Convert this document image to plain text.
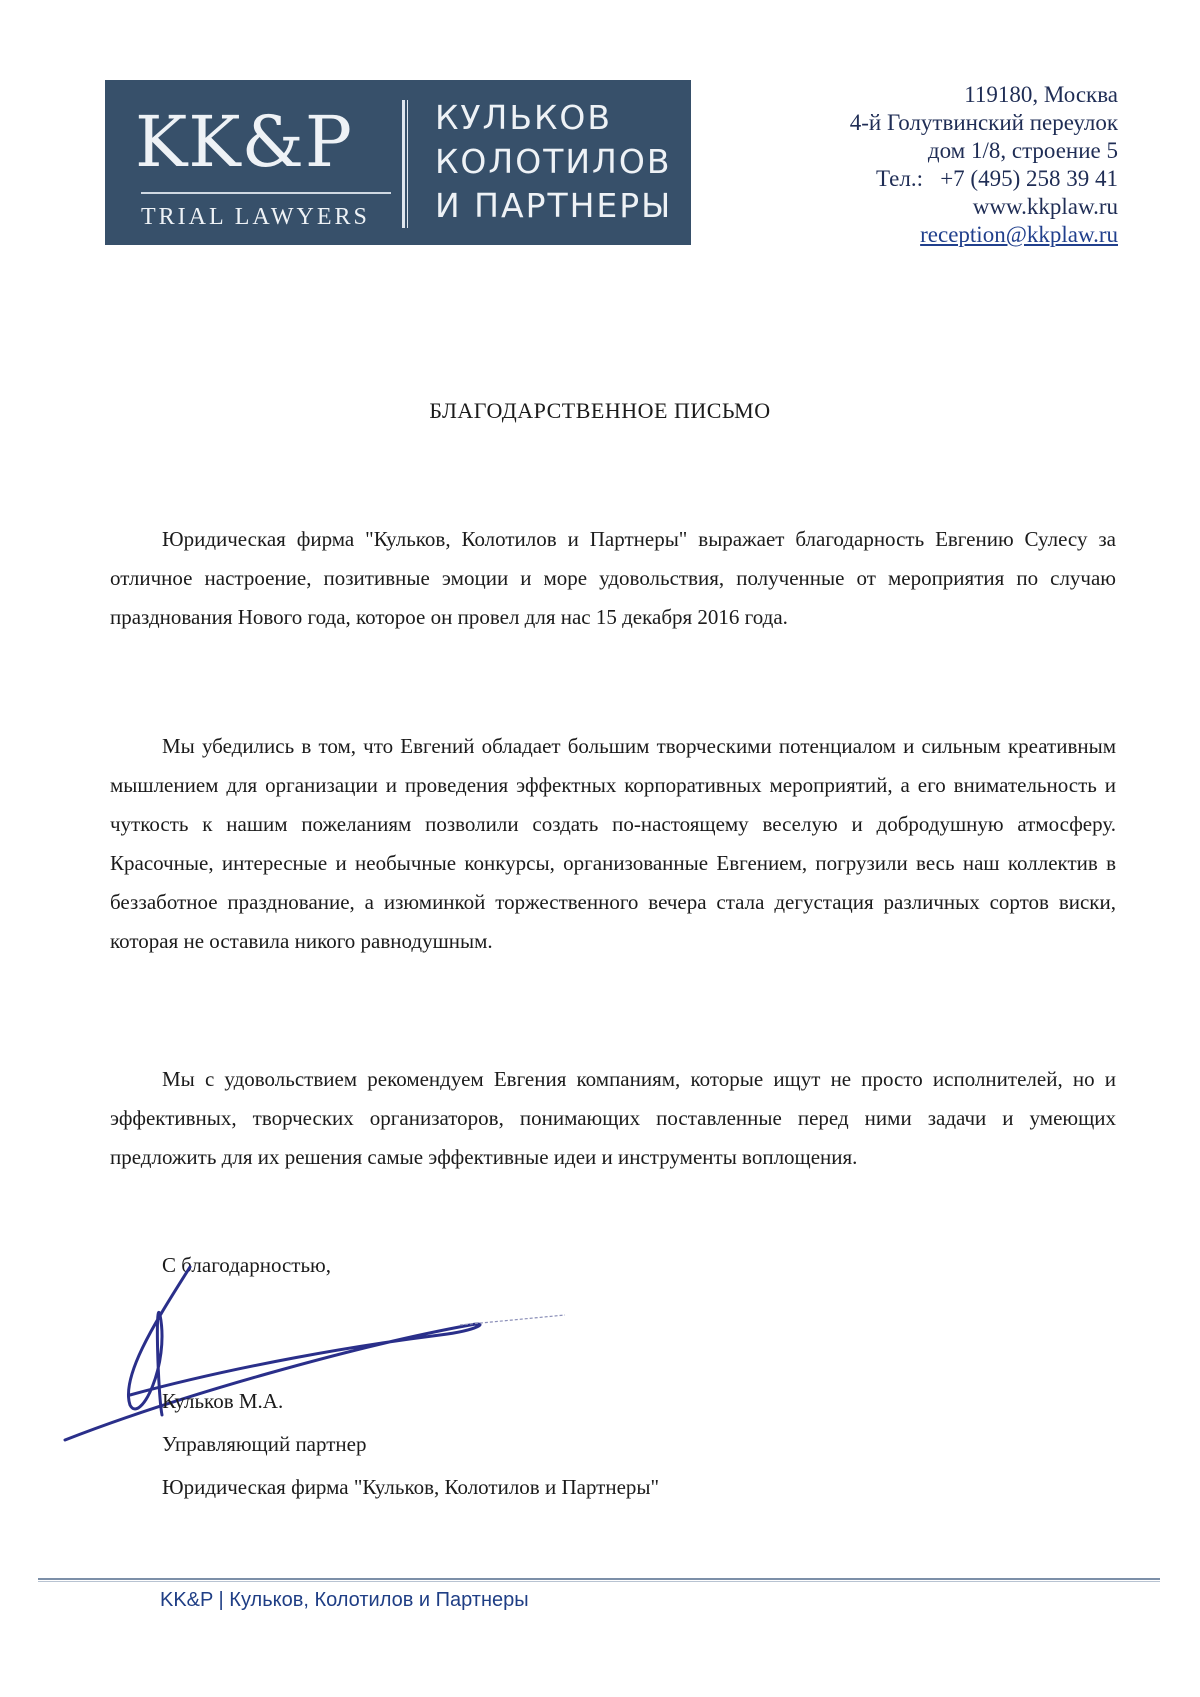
KK&P
TRIAL LAWYERS
КУЛЬКОВ
КОЛОТИЛОВ
И ПАРТНЕРЫ
119180, Москва
4-й Голутвинский переулок
дом 1/8, строение 5
Тел.:   +7 (495) 258 39 41
www.kkplaw.ru
reception@kkplaw.ru
БЛАГОДАРСТВЕННОЕ ПИСЬМО

Юридическая фирма "Кульков, Колотилов и Партнеры" выражает благодарность Евгению Сулесу за отличное настроение, позитивные эмоции и море удовольствия, полученные от мероприятия по случаю празднования Нового года, которое он провел для нас 15 декабря 2016 года.

Мы убедились в том, что Евгений обладает большим творческими потенциалом и сильным креативным мышлением для организации и проведения эффектных корпоративных мероприятий, а его внимательность и чуткость к нашим пожеланиям позволили создать по-настоящему веселую и добродушную атмосферу. Красочные, интересные и необычные конкурсы, организованные Евгением, погрузили весь наш коллектив в беззаботное празднование, а изюминкой торжественного вечера стала дегустация различных сортов виски, которая не оставила никого равнодушным.

Мы с удовольствием рекомендуем Евгения компаниям, которые ищут не просто исполнителей, но и эффективных, творческих организаторов, понимающих поставленные перед ними задачи и умеющих предложить для их решения самые эффективные идеи и инструменты воплощения.

С благодарностью,
Кульков М.А.
Управляющий партнер
Юридическая фирма "Кульков, Колотилов и Партнеры"
KK&P | Кульков, Колотилов и Партнеры
